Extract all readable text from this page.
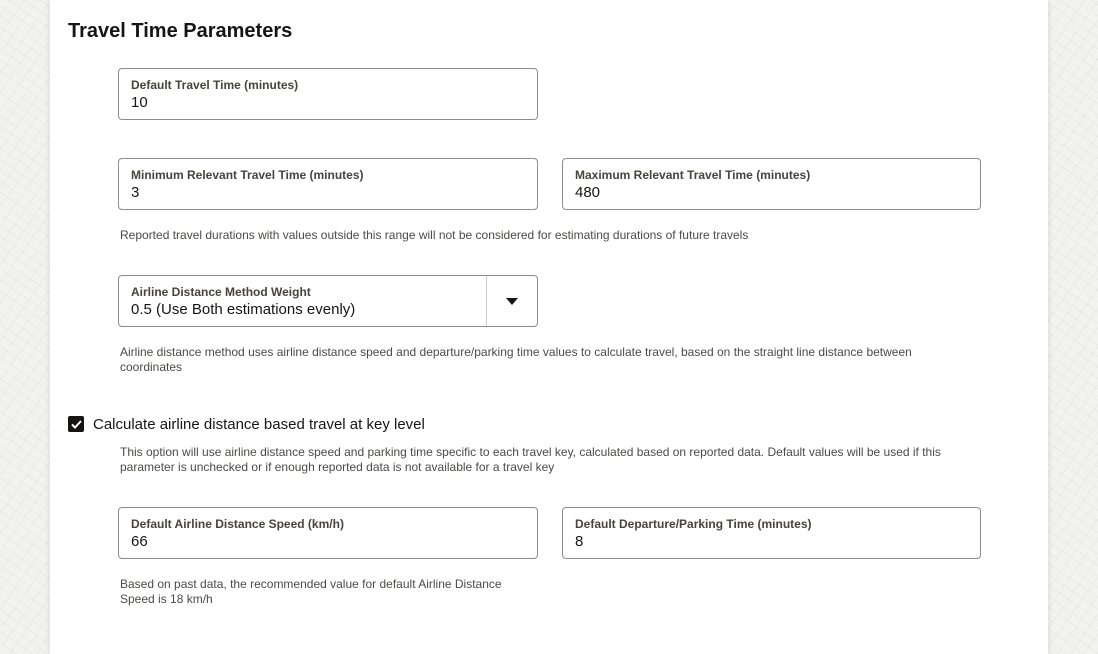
Travel Time Parameters
Default Travel Time (minutes)
10
Minimum Relevant Travel Time (minutes)
3
Maximum Relevant Travel Time (minutes)
480

Reported travel durations with values outside this range will not be considered for estimating durations of future travels

Airline Distance Method Weight
0.5 (Use Both estimations evenly)

Airline distance method uses airline distance speed and departure/parking time values to calculate travel, based on the straight line distance between coordinates

Calculate airline distance based travel at key level

This option will use airline distance speed and parking time specific to each travel key, calculated based on reported data. Default values will be used if this parameter is unchecked or if enough reported data is not available for a travel key

Default Airline Distance Speed (km/h)
66
Default Departure/Parking Time (minutes)
8

Based on past data, the recommended value for default Airline Distance Speed is 18 km/h
